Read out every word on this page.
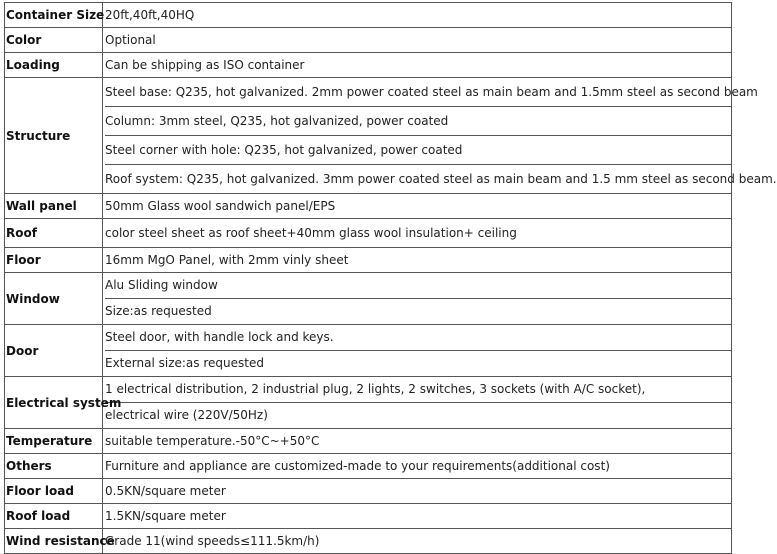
Container Size	20ft,40ft,40HQ
Color	Optional
Loading	Can be shipping as ISO container
Structure	Steel base: Q235, hot galvanized. 2mm power coated steel as main beam and 1.5mm steel as second beam
Column: 3mm steel, Q235, hot galvanized, power coated
Steel corner with hole: Q235, hot galvanized, power coated
Roof system: Q235, hot galvanized. 3mm power coated steel as main beam and 1.5 mm steel as second beam.

Wall panel	50mm Glass wool sandwich panel/EPS
Roof	color steel sheet as roof sheet+40mm glass wool insulation+ ceiling
Floor	16mm MgO Panel, with 2mm vinly sheet
Window	Alu Sliding window
Size:as requested

Door	Steel door, with handle lock and keys.
External size:as requested

Electrical system	1 electrical distribution, 2 industrial plug, 2 lights, 2 switches, 3 sockets (with A/C socket),
electrical wire (220V/50Hz)

Temperature	suitable temperature.-50°C~+50°C
Others	Furniture and appliance are customized-made to your requirements(additional cost)
Floor load	0.5KN/square meter
Roof load	1.5KN/square meter
Wind resistance	Grade 11(wind speeds≤111.5km/h)
